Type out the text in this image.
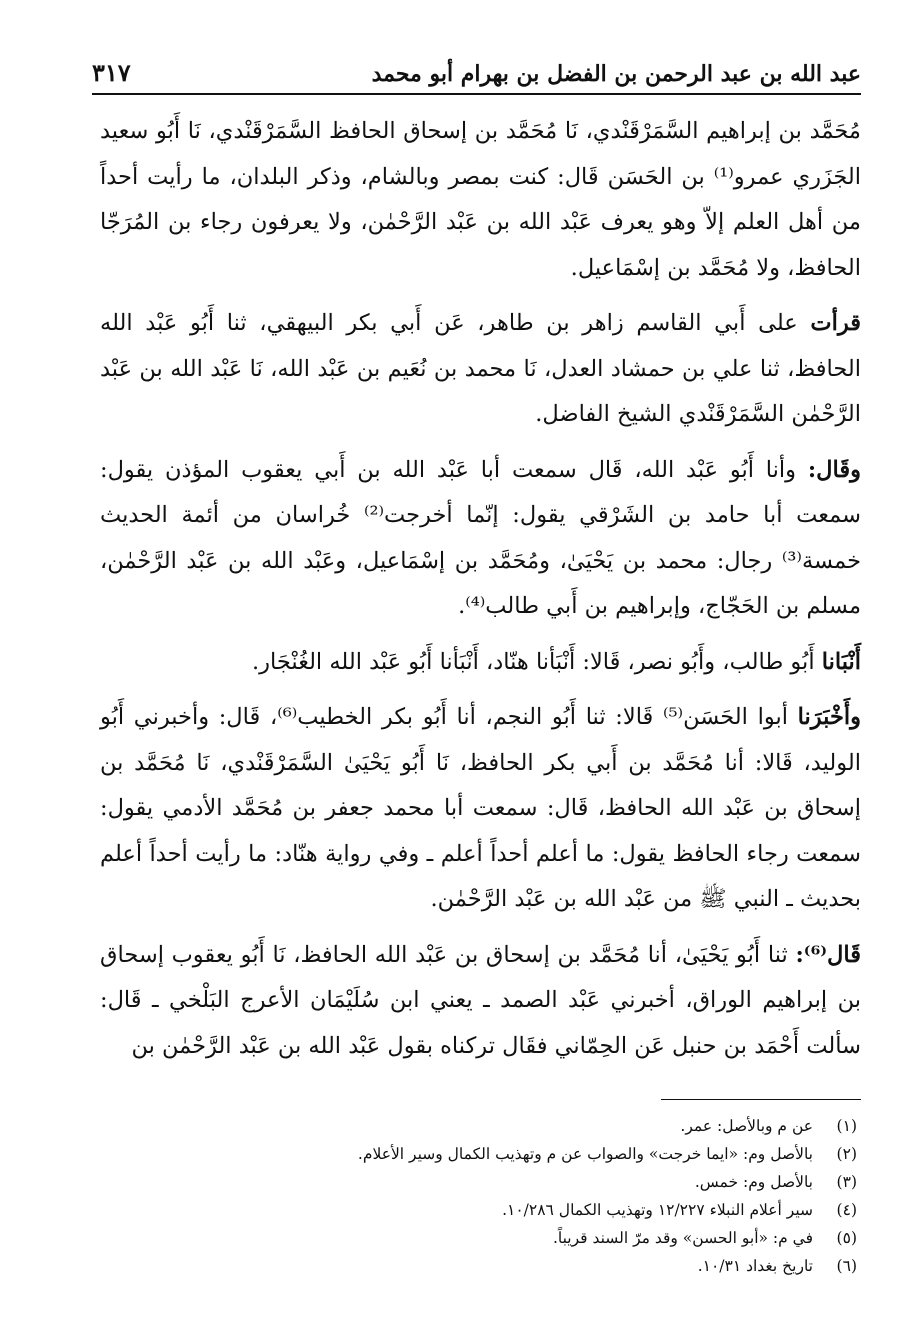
عبد الله بن عبد الرحمن بن الفضل بن بهرام أبو محمد
٣١٧

مُحَمَّد بن إبراهيم السَّمَرْقَنْدي، نَا مُحَمَّد بن إسحاق الحافظ السَّمَرْقَنْدي، نَا أَبُو سعيد الجَزَري عمرو⁽¹⁾ بن الحَسَن قَال: كنت بمصر وبالشام، وذكر البلدان، ما رأيت أحداً من أهل العلم إلاّ وهو يعرف عَبْد الله بن عَبْد الرَّحْمٰن، ولا يعرفون رجاء بن المُرَجّا الحافظ، ولا مُحَمَّد بن إسْمَاعيل.

قرأت على أَبي القاسم زاهر بن طاهر، عَن أَبي بكر البيهقي، ثنا أَبُو عَبْد الله الحافظ، ثنا علي بن حمشاد العدل، نَا محمد بن نُعَيم بن عَبْد الله، نَا عَبْد الله بن عَبْد الرَّحْمٰن السَّمَرْقَنْدي الشيخ الفاضل.

وقَال: وأنا أَبُو عَبْد الله، قَال سمعت أبا عَبْد الله بن أَبي يعقوب المؤذن يقول: سمعت أبا حامد بن الشَرْقي يقول: إنّما أخرجت⁽²⁾ خُراسان من أئمة الحديث خمسة⁽³⁾ رجال: محمد بن يَحْيَىٰ، ومُحَمَّد بن إسْمَاعيل، وعَبْد الله بن عَبْد الرَّحْمٰن، مسلم بن الحَجّاج، وإبراهيم بن أَبي طالب⁽⁴⁾.

أَنْبَانا أَبُو طالب، وأَبُو نصر، قَالا: أَنْبَأنا هنّاد، أَنْبَأنا أَبُو عَبْد الله الغُنْجَار.

وأَخْبَرَنا أبوا الحَسَن⁽⁵⁾ قَالا: ثنا أَبُو النجم، أنا أَبُو بكر الخطيب⁽⁶⁾، قَال: وأخبرني أَبُو الوليد، قَالا: أنا مُحَمَّد بن أَبي بكر الحافظ، نَا أَبُو يَحْيَىٰ السَّمَرْقَنْدي، نَا مُحَمَّد بن إسحاق بن عَبْد الله الحافظ، قَال: سمعت أبا محمد جعفر بن مُحَمَّد الأدمي يقول: سمعت رجاء الحافظ يقول: ما أعلم أحداً أعلم ـ وفي رواية هنّاد: ما رأيت أحداً أعلم بحديث ـ النبي ﷺ من عَبْد الله بن عَبْد الرَّحْمٰن.

قَال⁽⁶⁾: ثنا أَبُو يَحْيَىٰ، أنا مُحَمَّد بن إسحاق بن عَبْد الله الحافظ، نَا أَبُو يعقوب إسحاق بن إبراهيم الوراق، أخبرني عَبْد الصمد ـ يعني ابن سُلَيْمَان الأعرج البَلْخي ـ قَال: سألت أَحْمَد بن حنبل عَن الحِمّاني فقَال تركناه بقول عَبْد الله بن عَبْد الرَّحْمٰن بن

(١)
عن م وبالأصل: عمر.
(٢)
بالأصل وم: «ايما خرجت» والصواب عن م وتهذيب الكمال وسير الأعلام.
(٣)
بالأصل وم: خمس.
(٤)
سير أعلام النبلاء ١٢/٢٢٧ وتهذيب الكمال ١٠/٢٨٦.
(٥)
في م: «أبو الحسن» وقد مرّ السند قريباً.
(٦)
تاريخ بغداد ١٠/٣١.
